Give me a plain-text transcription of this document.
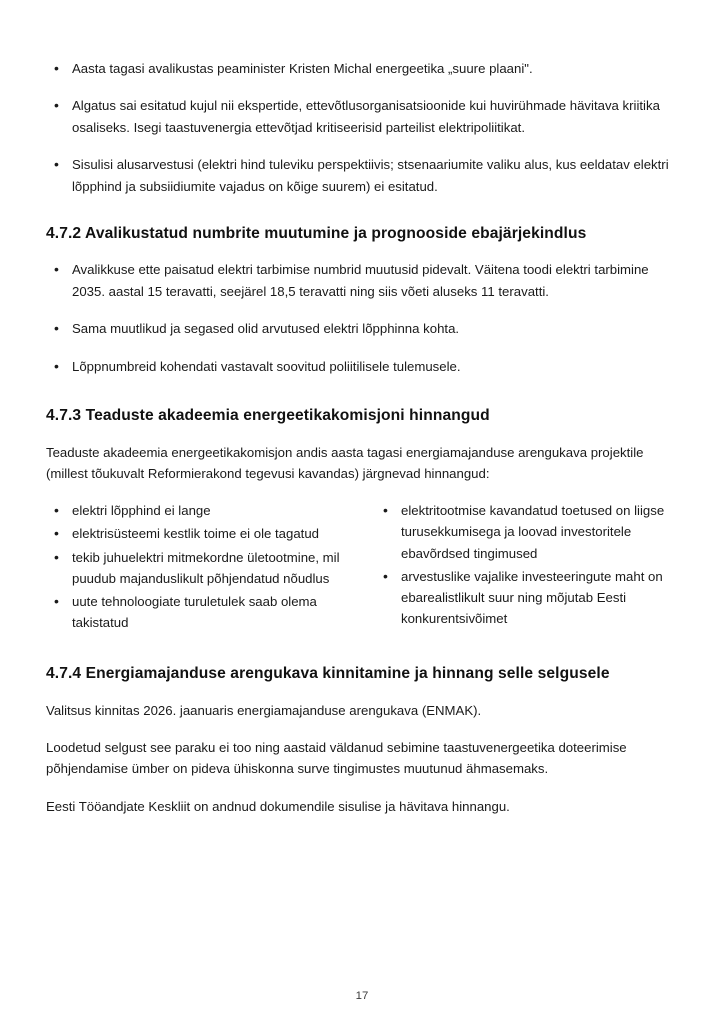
• Aasta tagasi avalikustas peaminister Kristen Michal energeetika „suure plaani".
• Algatus sai esitatud kujul nii ekspertide, ettevõtlusorganisatsioonide kui huvirühmade hävitava kriitika osaliseks. Isegi taastuvenergia ettevõtjad kritiseerisid parteilist elektripoliitikat.
• Sisulisi alusarvestusi (elektri hind tuleviku perspektiivis; stsenaariumite valiku alus, kus eeldatav elektri lõpphind ja subsiidiumite vajadus on kõige suurem) ei esitatud.
4.7.2 Avalikustatud numbrite muutumine ja prognooside ebajärjekindlus
• Avalikkuse ette paisatud elektri tarbimise numbrid muutusid pidevalt. Väitena toodi elektri tarbimine 2035. aastal 15 teravatti, seejärel 18,5 teravatti ning siis võeti aluseks 11 teravatti.
• Sama muutlikud ja segased olid arvutused elektri lõpphinna kohta.
• Lõppnumbreid kohendati vastavalt soovitud poliitilisele tulemusele.
4.7.3 Teaduste akadeemia energeetikakomisjoni hinnangud

Teaduste akadeemia energeetikakomisjon andis aasta tagasi energiamajanduse arengukava projektile (millest tõukuvalt Reformierakond tegevusi kavandas) järgnevad hinnangud:

• elektri lõpphind ei lange
• elektrisüsteemi kestlik toime ei ole tagatud
• tekib juhuelektri mitmekordne ületootmine, mil puudub majanduslikult põhjendatud nõudlus
• uute tehnoloogiate turuletulek saab olema takistatud
• elektritootmise kavandatud toetused on liigse turusekkumisega ja loovad investoritele ebavõrdsed tingimused
• arvestuslike vajalike investeeringute maht on ebarealistlikult suur ning mõjutab Eesti konkurentsivõimet
4.7.4 Energiamajanduse arengukava kinnitamine ja hinnang selle selgusele

Valitsus kinnitas 2026. jaanuaris energiamajanduse arengukava (ENMAK).

Loodetud selgust see paraku ei too ning aastaid väldanud sebimine taastuvenergeetika doteerimise põhjendamise ümber on pideva ühiskonna surve tingimustes muutunud ähmasemaks.

Eesti Tööandjate Keskliit on andnud dokumendile sisulise ja hävitava hinnangu.

17
